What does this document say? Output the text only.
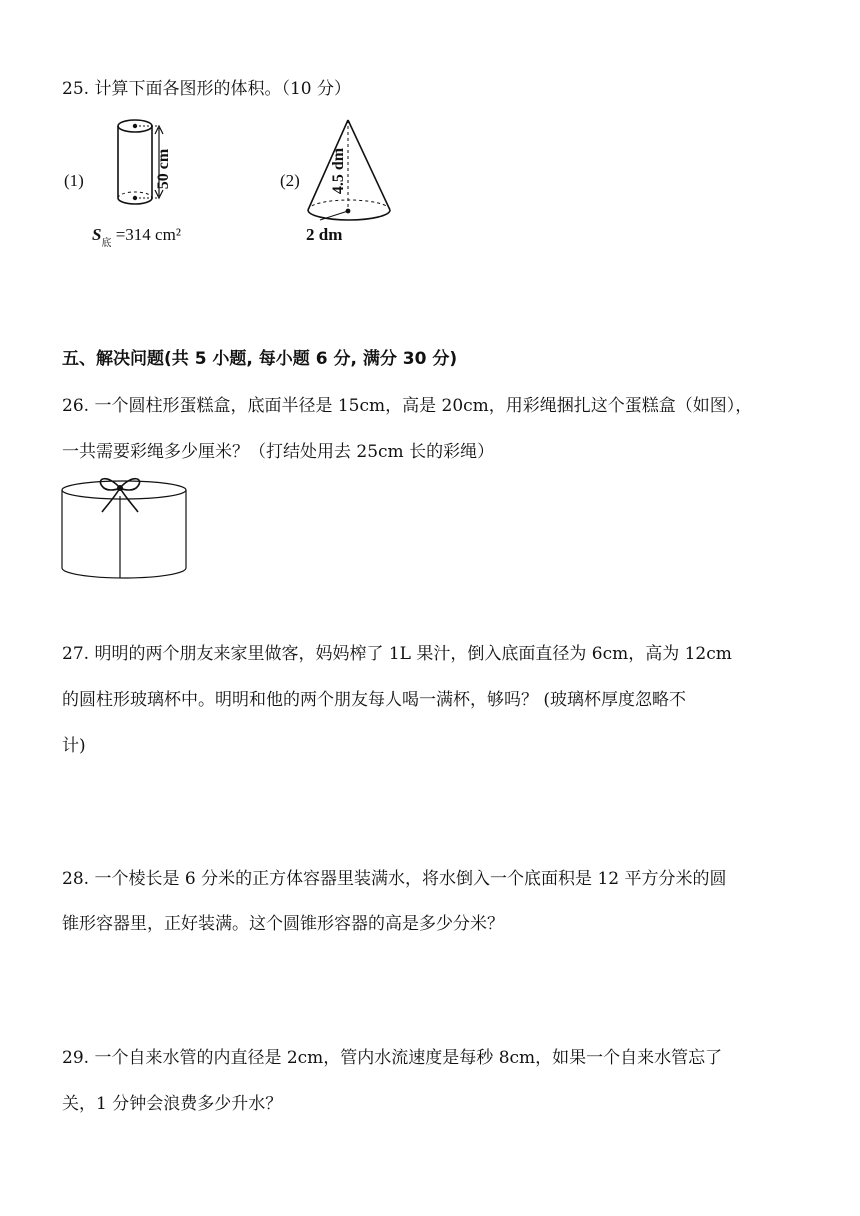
25. 计算下面各图形的体积。（10 分）
(1)	50 cm
$S_底 =314$ cm²
(2) 4.5 dm
2 dm
五、解决问题(共 5 小题, 每小题 6 分, 满分 30 分)
26. 一个圆柱形蛋糕盒，底面半径是 15cm，高是 20cm，用彩绳捆扎这个蛋糕盒（如图），
一共需要彩绳多少厘米？（打结处用去 25cm 长的彩绳）
27. 明明的两个朋友来家里做客，妈妈榨了 1L 果汁，倒入底面直径为 6cm，高为 12cm
的圆柱形玻璃杯中。明明和他的两个朋友每人喝一满杯，够吗？ (玻璃杯厚度忽略不
计)
28. 一个棱长是 6 分米的正方体容器里装满水，将水倒入一个底面积是 12 平方分米的圆
锥形容器里，正好装满。这个圆锥形容器的高是多少分米？
29. 一个自来水管的内直径是 2cm，管内水流速度是每秒 8cm，如果一个自来水管忘了
关，1 分钟会浪费多少升水？
